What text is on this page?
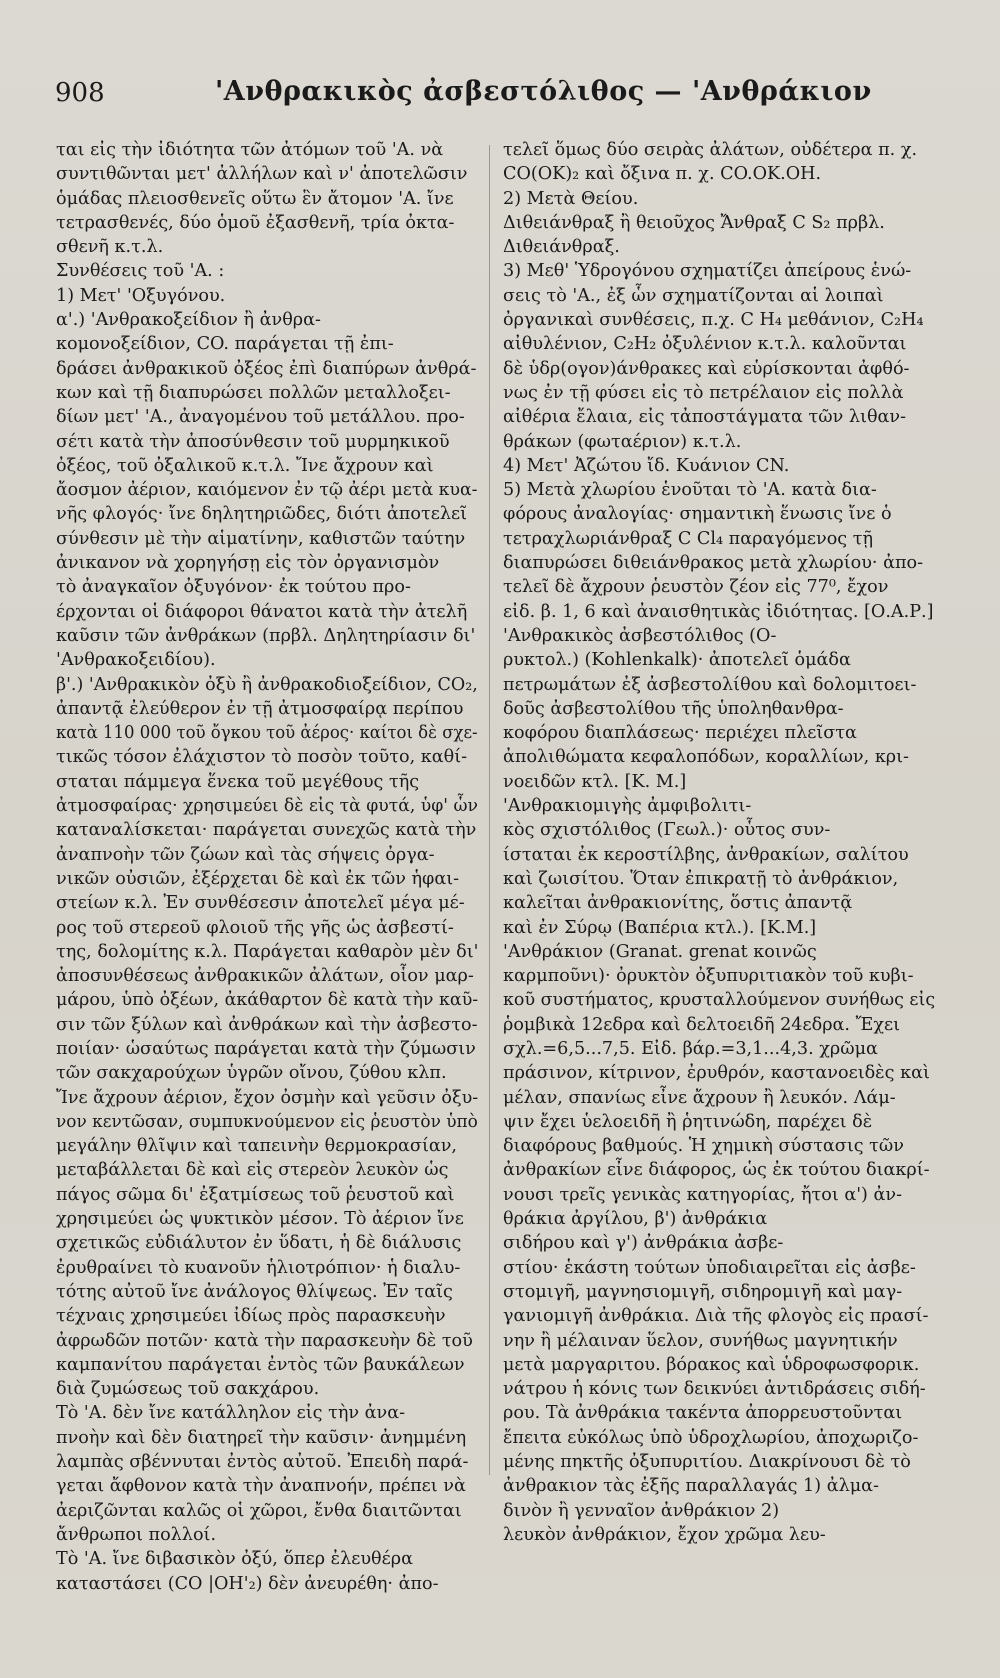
908	'Ανθρακικὸς ἀσβεστόλιθος — 'Ανθράκιον
ται εἰς τὴν ἰδιότητα τῶν ἀτόμων τοῦ 'Α. νὰ
συντιθῶνται μετ' ἀλλήλων καὶ ν' ἀποτελῶσιν
ὁμάδας πλειοσθενεῖς οὕτω ἓν ἄτομον 'Α. ἴνε
τετρασθενές, δύο ὁμοῦ ἐξασθενῆ, τρία ὀκτα-
σθενῆ κ.τ.λ.
Συνθέσεις τοῦ 'Α. :
1) Μετ' 'Οξυγόνου.
α'.) 'Ανθρακοξείδιον ἢ ἀνθρα-
κομονοξείδιον, CO. παράγεται τῇ ἐπι-
δράσει ἀνθρακικοῦ ὀξέος ἐπὶ διαπύρων ἀνθρά-
κων καὶ τῇ διαπυρώσει πολλῶν μεταλλοξει-
δίων μετ' 'Α., ἀναγομένου τοῦ μετάλλου. προ-
σέτι κατὰ τὴν ἀποσύνθεσιν τοῦ μυρμηκικοῦ
ὀξέος, τοῦ ὀξαλικοῦ κ.τ.λ. Ἴνε ἄχρουν καὶ
ἄοσμον ἀέριον, καιόμενον ἐν τῷ ἀέρι μετὰ κυα-
νῆς φλογός· ἴνε δηλητηριῶδες, διότι ἀποτελεῖ
σύνθεσιν μὲ τὴν αἱματίνην, καθιστῶν ταύτην
ἀνικανον νὰ χορηγήσῃ εἰς τὸν ὀργανισμὸν
τὸ ἀναγκαῖον ὀξυγόνον· ἐκ τούτου προ-
έρχονται οἱ διάφοροι θάνατοι κατὰ τὴν ἀτελῆ
καῦσιν τῶν ἀνθράκων (πρβλ. Δηλητηρίασιν δι'
'Ανθρακοξειδίου).
β'.) 'Ανθρακικὸν ὀξὺ ἢ ἀνθρακοδιοξείδιον, CO₂,
ἀπαντᾷ ἐλεύθερον ἐν τῇ ἀτμοσφαίρᾳ περίπου
κατὰ 110 000 τοῦ ὄγκου τοῦ ἀέρος· καίτοι δὲ σχε-
τικῶς τόσον ἐλάχιστον τὸ ποσὸν τοῦτο, καθί-
σταται πάμμεγα ἕνεκα τοῦ μεγέθους τῆς
ἀτμοσφαίρας· χρησιμεύει δὲ εἰς τὰ φυτά, ὑφ' ὧν
καταναλίσκεται· παράγεται συνεχῶς κατὰ τὴν
ἀναπνοὴν τῶν ζώων καὶ τὰς σήψεις ὀργα-
νικῶν οὐσιῶν, ἐξέρχεται δὲ καὶ ἐκ τῶν ἡφαι-
στείων κ.λ. Ἐν συνθέσεσιν ἀποτελεῖ μέγα μέ-
ρος τοῦ στερεοῦ φλοιοῦ τῆς γῆς ὡς ἀσβεστί-
της, δολομίτης κ.λ. Παράγεται καθαρὸν μὲν δι'
ἀποσυνθέσεως ἀνθρακικῶν ἀλάτων, οἷον μαρ-
μάρου, ὑπὸ ὀξέων, ἀκάθαρτον δὲ κατὰ τὴν καῦ-
σιν τῶν ξύλων καὶ ἀνθράκων καὶ τὴν ἀσβεστο-
ποιίαν· ὡσαύτως παράγεται κατὰ τὴν ζύμωσιν
τῶν σακχαρούχων ὑγρῶν οἴνου, ζύθου κλπ.
Ἴνε ἄχρουν ἀέριον, ἔχον ὀσμὴν καὶ γεῦσιν ὀξυ-
νον κεντῶσαν, συμπυκνούμενον εἰς ῥευστὸν ὑπὸ
μεγάλην θλῖψιν καὶ ταπεινὴν θερμοκρασίαν,
μεταβάλλεται δὲ καὶ εἰς στερεὸν λευκὸν ὡς
πάγος σῶμα δι' ἐξατμίσεως τοῦ ῥευστοῦ καὶ
χρησιμεύει ὡς ψυκτικὸν μέσον. Τὸ ἀέριον ἴνε
σχετικῶς εὐδιάλυτον ἐν ὕδατι, ἡ δὲ διάλυσις
ἐρυθραίνει τὸ κυανοῦν ἡλιοτρόπιον· ἡ διαλυ-
τότης αὐτοῦ ἴνε ἀνάλογος θλίψεως. Ἐν ταῖς
τέχναις χρησιμεύει ἰδίως πρὸς παρασκευὴν
ἀφρωδῶν ποτῶν· κατὰ τὴν παρασκευὴν δὲ τοῦ
καμπανίτου παράγεται ἐντὸς τῶν βαυκάλεων
διὰ ζυμώσεως τοῦ σακχάρου.
Τὸ 'Α. δὲν ἴνε κατάλληλον εἰς τὴν ἀνα-
πνοὴν καὶ δὲν διατηρεῖ τὴν καῦσιν· ἀνημμένη
λαμπὰς σβέννυται ἐντὸς αὐτοῦ. Ἐπειδὴ παρά-
γεται ἄφθονον κατὰ τὴν ἀναπνοήν, πρέπει νὰ
ἀεριζῶνται καλῶς οἱ χῶροι, ἔνθα διαιτῶνται
ἄνθρωποι πολλοί.
Τὸ 'Α. ἴνε διβασικὸν ὀξύ, ὅπερ ἐλευθέρα
καταστάσει (CO |OH'₂) δὲν ἀνευρέθη· ἀπο-
τελεῖ ὅμως δύο σειρὰς ἀλάτων, οὐδέτερα π. χ.
CO(OK)₂ καὶ ὄξινα π. χ. CO.OK.OH.
2) Μετὰ Θείου.
Διθειάνθραξ ἢ θειοῦχος Ἄνθραξ C S₂ πρβλ.
Διθειάνθραξ.
3) Μεθ' Ὑδρογόνου σχηματίζει ἀπείρους ἑνώ-
σεις τὸ 'Α., ἐξ ὧν σχηματίζονται αἱ λοιπαὶ
ὀργανικαὶ συνθέσεις, π.χ. C H₄ μεθάνιον, C₂H₄
αἰθυλένιον, C₂H₂ ὀξυλένιον κ.τ.λ. καλοῦνται
δὲ ὑδρ(ογον)άνθρακες καὶ εὑρίσκονται ἀφθό-
νως ἐν τῇ φύσει εἰς τὸ πετρέλαιον εἰς πολλὰ
αἰθέρια ἔλαια, εἰς τἀποστάγματα τῶν λιθαν-
θράκων (φωταέριον) κ.τ.λ.
4) Μετ' Ἀζώτου ἴδ. Κυάνιον CN.
5) Μετὰ χλωρίου ἑνοῦται τὸ 'Α. κατὰ δια-
φόρους ἀναλογίας· σημαντικὴ ἕνωσις ἴνε ὁ
τετραχλωριάνθραξ C Cl₄ παραγόμενος τῇ
διαπυρώσει διθειάνθρακος μετὰ χλωρίου· ἀπο-
τελεῖ δὲ ἄχρουν ῥευστὸν ζέον εἰς 77⁰, ἔχον
εἰδ. β. 1, 6 καὶ ἀναισθητικὰς ἰδιότητας. [Ο.Α.Ρ.]
'Ανθρακικὸς ἀσβεστόλιθος (Ο-
ρυκτολ.) (Kohlenkalk)· ἀποτελεῖ ὁμάδα
πετρωμάτων ἐξ ἀσβεστολίθου καὶ δολομιτοει-
δοῦς ἀσβεστολίθου τῆς ὑποληθανθρα-
κοφόρου διαπλάσεως· περιέχει πλεῖστα
ἀπολιθώματα κεφαλοπόδων, κοραλλίων, κρι-
νοειδῶν κτλ. [Κ. Μ.]
'Ανθρακιομιγὴς ἀμφιβολιτι-
κὸς σχιστόλιθος (Γεωλ.)· οὗτος συν-
ίσταται ἐκ κεροστίλβης, ἀνθρακίων, σαλίτου
καὶ ζωισίτου. Ὅταν ἐπικρατῇ τὸ ἀνθράκιον,
καλεῖται ἀνθρακιονίτης, ὅστις ἀπαντᾷ
καὶ ἐν Σύρῳ (Βαπέρια κτλ.). [Κ.Μ.]
'Ανθράκιον (Granat. grenat κοινῶς
καρμποῦνι)· ὀρυκτὸν ὀξυπυριτιακὸν τοῦ κυβι-
κοῦ συστήματος, κρυσταλλούμενον συνήθως εἰς
ῥομβικὰ 12εδρα καὶ δελτοειδῆ 24εδρα. Ἔχει
σχλ.=6,5...7,5. Εἰδ. βάρ.=3,1...4,3. χρῶμα
πράσινον, κίτρινον, ἐρυθρόν, καστανοειδὲς καὶ
μέλαν, σπανίως εἶνε ἄχρουν ἢ λευκόν. Λάμ-
ψιν ἔχει ὑελοειδῆ ἢ ῥητινώδη, παρέχει δὲ
διαφόρους βαθμούς. Ἡ χημικὴ σύστασις τῶν
ἀνθρακίων εἶνε διάφορος, ὡς ἐκ τούτου διακρί-
νουσι τρεῖς γενικὰς κατηγορίας, ἤτοι α') ἀν-
θράκια ἀργίλου, β') ἀνθράκια
σιδήρου καὶ γ') ἀνθράκια ἀσβε-
στίου· ἑκάστη τούτων ὑποδιαιρεῖται εἰς ἀσβε-
στομιγῆ, μαγνησιομιγῆ, σιδηρομιγῆ καὶ μαγ-
γανιομιγῆ ἀνθράκια. Διὰ τῆς φλογὸς εἰς πρασί-
νην ἢ μέλαιναν ὕελον, συνήθως μαγνητικήν
μετὰ μαργαριτου. βόρακος καὶ ὑδροφωσφορικ.
νάτρου ἡ κόνις των δεικνύει ἀντιδράσεις σιδή-
ρου. Τὰ ἀνθράκια τακέντα ἀπορρευστοῦνται
ἔπειτα εὐκόλως ὑπὸ ὑδροχλωρίου, ἀποχωριζο-
μένης πηκτῆς ὀξυπυριτίου. Διακρίνουσι δὲ τὸ
ἀνθρακιον τὰς ἑξῆς παραλλαγάς 1) ἀλμα-
δινὸν ἢ γενναῖον ἀνθράκιον 2)
λευκὸν ἀνθράκιον, ἔχον χρῶμα λευ-
